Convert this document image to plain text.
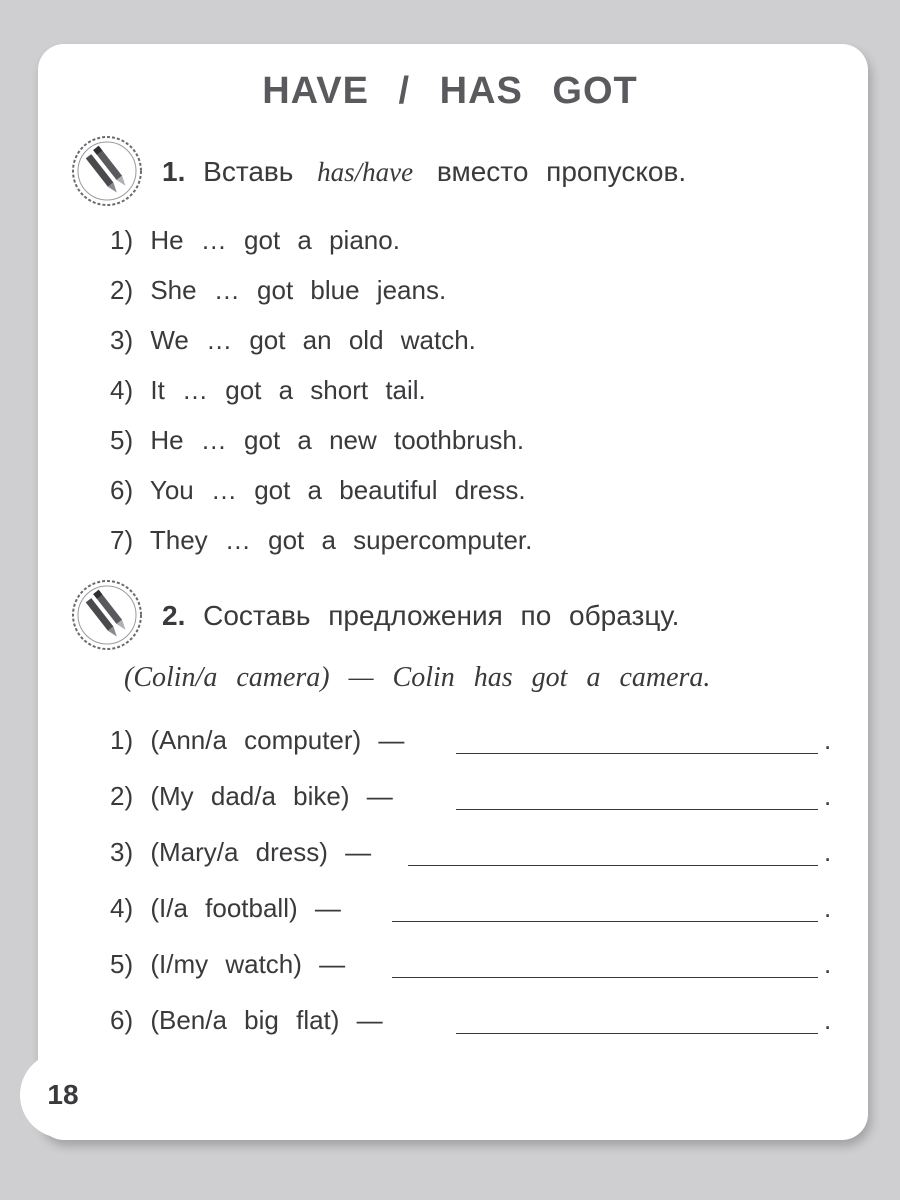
HAVE / HAS GOT
1. Вставь has/have вместо пропусков.
1) He … got a piano.
2) She … got blue jeans.
3) We … got an old watch.
4) It … got a short tail.
5) He … got a new toothbrush.
6) You … got a beautiful dress.
7) They … got a supercomputer.
2. Составь предложения по образцу.
(Colin/a camera) — Colin has got a camera.
1) (Ann/a computer) —	.
2) (My dad/a bike) —	.
3) (Mary/a dress) —	.
4) (I/a football) —	.
5) (I/my watch) —	.
6) (Ben/a big flat) —	.
18
